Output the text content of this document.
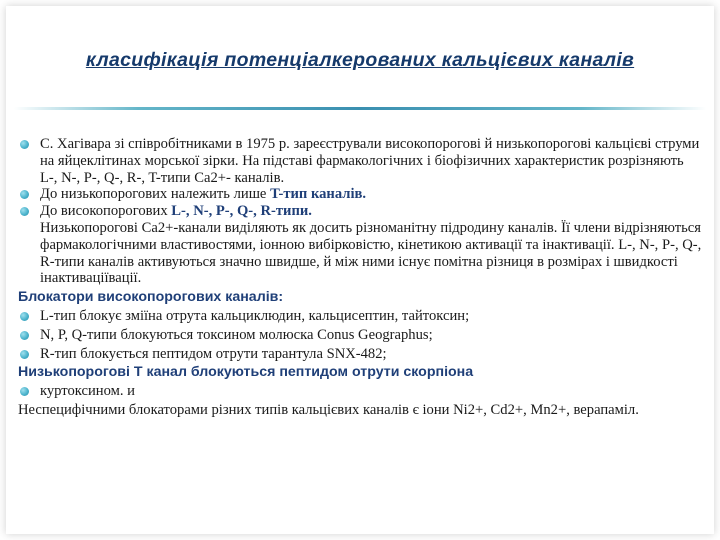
класифікація потенціалкерованих кальцієвих каналів

С. Хагівара зі співробітниками в 1975 р. зареєстрували високопорогові й низькопорогові кальцієві струми на яйцеклітинах морської зірки. На підставі фармакологічних і біофізичних характеристик розрізняють L-, N-, P-, Q-, R-, T-типи Ca2+- каналів.

До низькопорогових належить лише T-тип каналів.

До високопорогових L-, N-, P-, Q-, R-типи.

Низькопорогові Ca2+-канали виділяють як досить різноманітну підродину каналів. Її члени відрізняються фармакологічними властивостями, іонною вибірковістю, кінетикою активації та інактивації. L-, N-, P-, Q-, R-типи каналів активуються значно швидше, й між ними існує помітна різниця в розмірах і швидкості інактиваціївації.

Блокатори високопорогових каналів:

L-тип блокує зміїна отрута кальциклюдин, кальцисептин, тайтоксин;

N, P, Q-типи блокуються токсином молюска Conus Geographus;

R-тип блокується пептидом отрути тарантула SNX-482;

Низькопорогові T канал блокуються пептидом отрути скорпіона

куртоксином. и

Неспецифічними блокаторами різних типів кальцієвих каналів є іони Ni2+, Cd2+, Mn2+, верапаміл.
